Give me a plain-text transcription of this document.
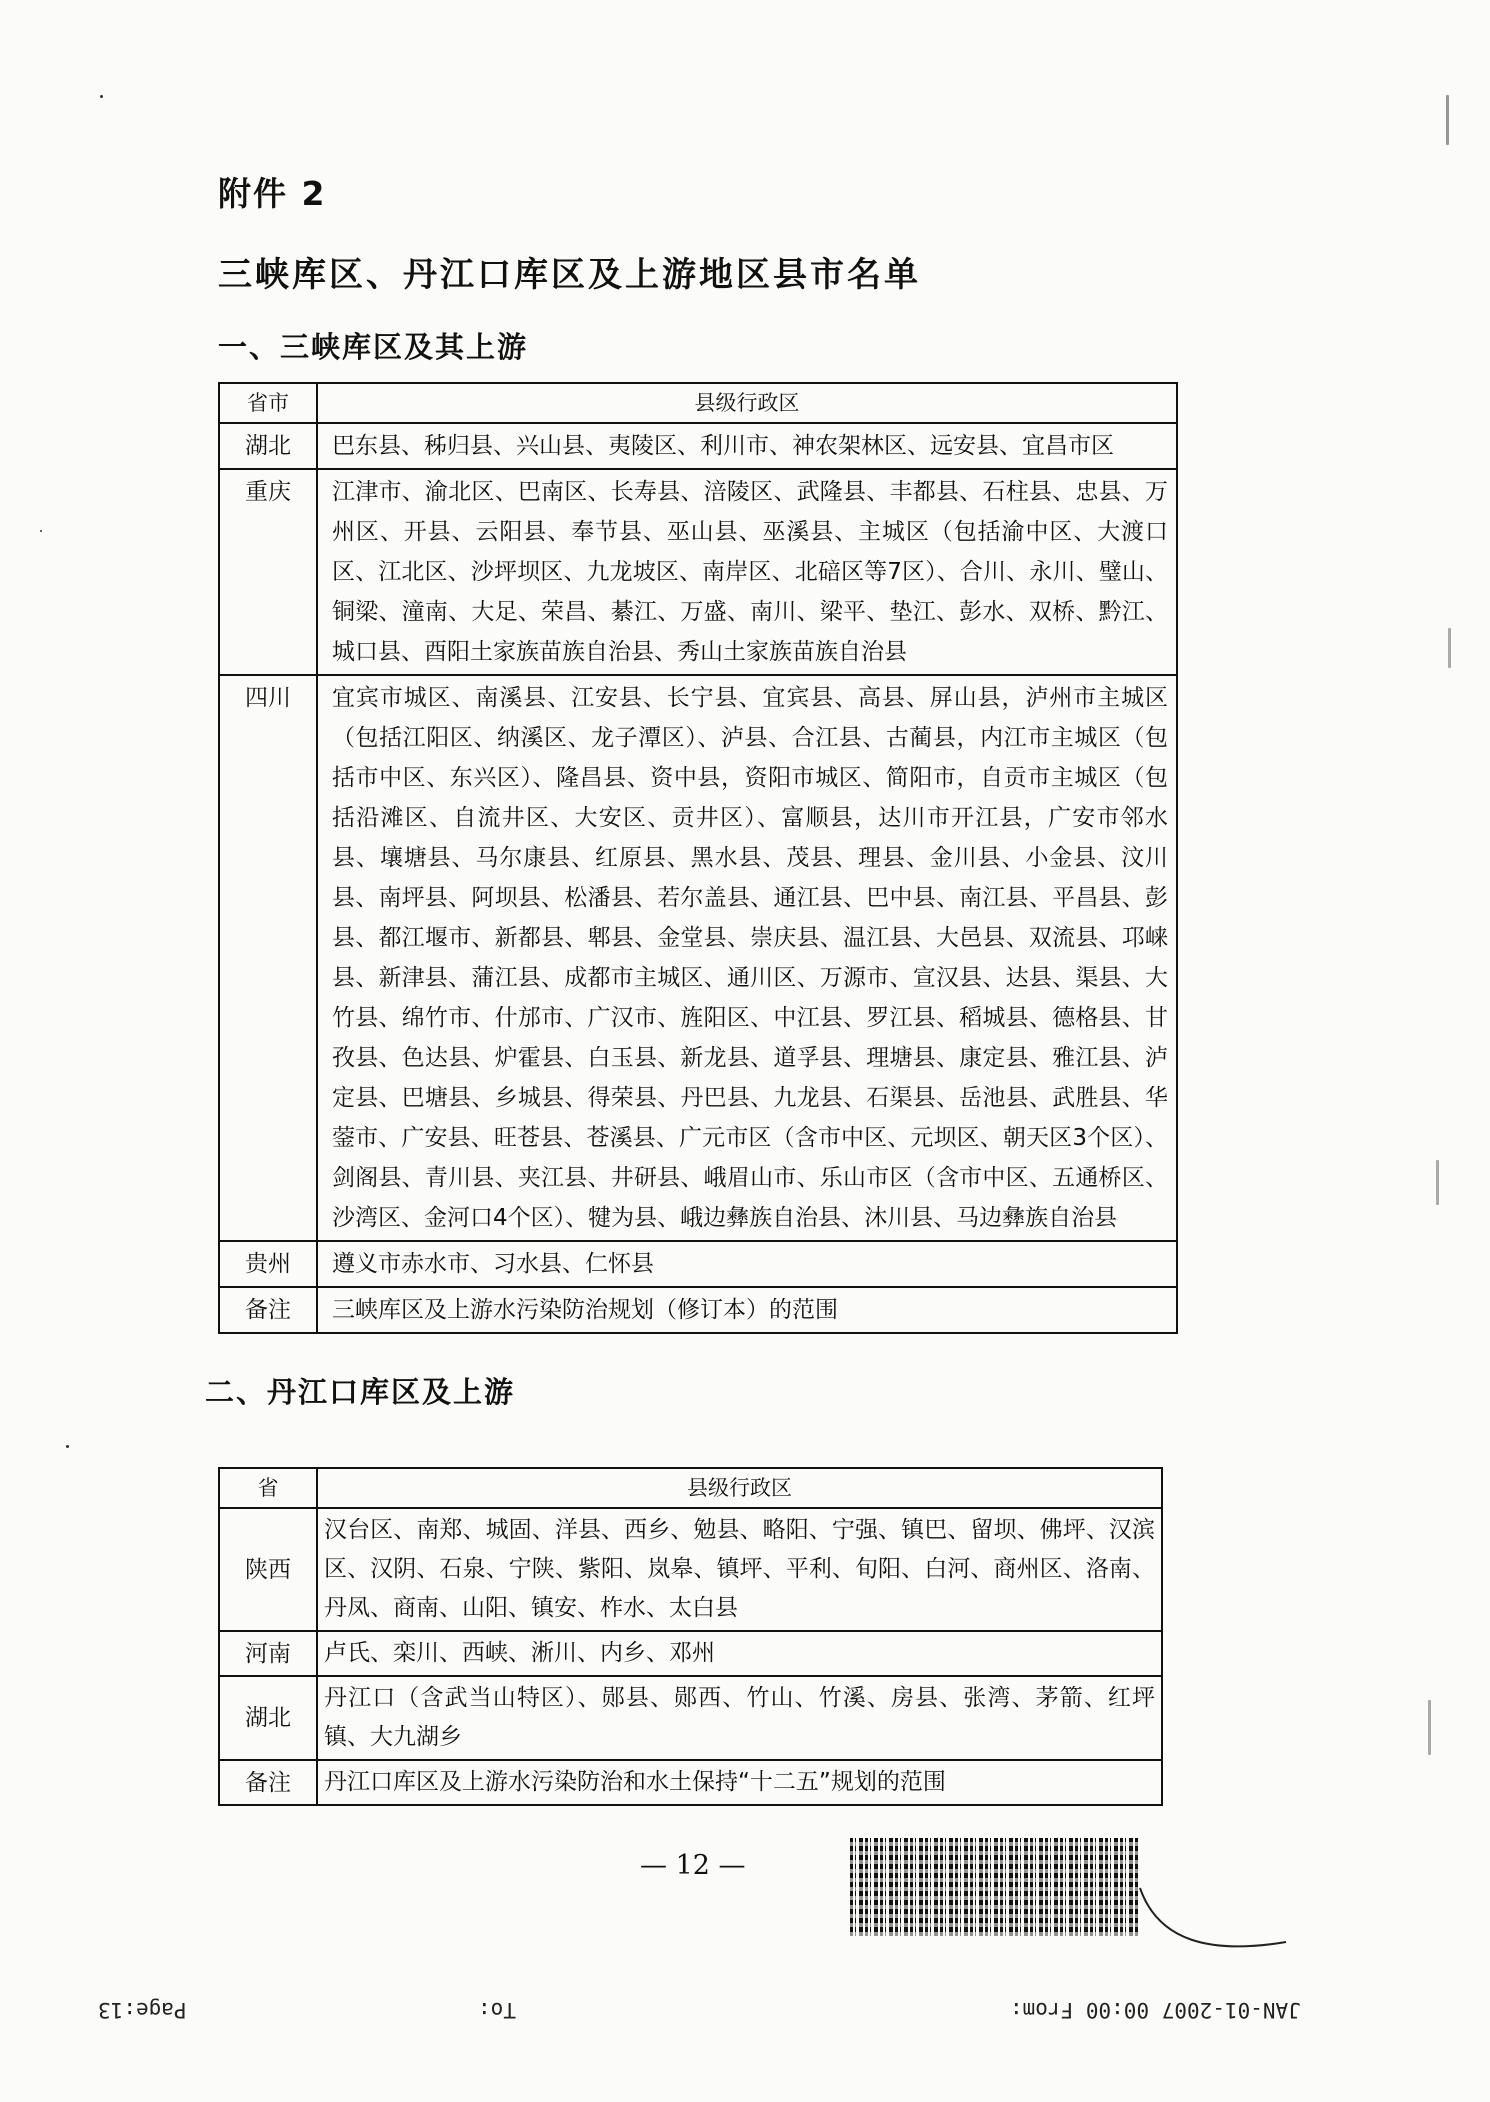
附件 2
三峡库区、丹江口库区及上游地区县市名单
一、三峡库区及其上游
省市	县级行政区
湖北	巴东县、秭归县、兴山县、夷陵区、利川市、神农架林区、远安县、宜昌市区
重庆	江津市、渝北区、巴南区、长寿县、涪陵区、武隆县、丰都县、石柱县、忠县、万州区、开县、云阳县、奉节县、巫山县、巫溪县、主城区（包括渝中区、大渡口区、江北区、沙坪坝区、九龙坡区、南岸区、北碚区等7区）、合川、永川、璧山、铜梁、潼南、大足、荣昌、綦江、万盛、南川、梁平、垫江、彭水、双桥、黔江、城口县、酉阳土家族苗族自治县、秀山土家族苗族自治县
四川	宜宾市城区、南溪县、江安县、长宁县、宜宾县、高县、屏山县，泸州市主城区（包括江阳区、纳溪区、龙子潭区）、泸县、合江县、古蔺县，内江市主城区（包括市中区、东兴区）、隆昌县、资中县，资阳市城区、简阳市，自贡市主城区（包括沿滩区、自流井区、大安区、贡井区）、富顺县，达川市开江县，广安市邻水县、壤塘县、马尔康县、红原县、黑水县、茂县、理县、金川县、小金县、汶川县、南坪县、阿坝县、松潘县、若尔盖县、通江县、巴中县、南江县、平昌县、彭县、都江堰市、新都县、郫县、金堂县、崇庆县、温江县、大邑县、双流县、邛崃县、新津县、蒲江县、成都市主城区、通川区、万源市、宣汉县、达县、渠县、大竹县、绵竹市、什邡市、广汉市、旌阳区、中江县、罗江县、稻城县、德格县、甘孜县、色达县、炉霍县、白玉县、新龙县、道孚县、理塘县、康定县、雅江县、泸定县、巴塘县、乡城县、得荣县、丹巴县、九龙县、石渠县、岳池县、武胜县、华蓥市、广安县、旺苍县、苍溪县、广元市区（含市中区、元坝区、朝天区3个区）、剑阁县、青川县、夹江县、井研县、峨眉山市、乐山市区（含市中区、五通桥区、沙湾区、金河口4个区）、犍为县、峨边彝族自治县、沐川县、马边彝族自治县
贵州	遵义市赤水市、习水县、仁怀县
备注	三峡库区及上游水污染防治规划（修订本）的范围
二、丹江口库区及上游
省	县级行政区
陕西	汉台区、南郑、城固、洋县、西乡、勉县、略阳、宁强、镇巴、留坝、佛坪、汉滨区、汉阴、石泉、宁陕、紫阳、岚皋、镇坪、平利、旬阳、白河、商州区、洛南、丹凤、商南、山阳、镇安、柞水、太白县
河南	卢氏、栾川、西峡、淅川、内乡、邓州
湖北	丹江口（含武当山特区）、郧县、郧西、竹山、竹溪、房县、张湾、茅箭、红坪镇、大九湖乡
备注	丹江口库区及上游水污染防治和水土保持“十二五”规划的范围
— 12 —
Page:13	To:	JAN-01-2007 00:00 From:
